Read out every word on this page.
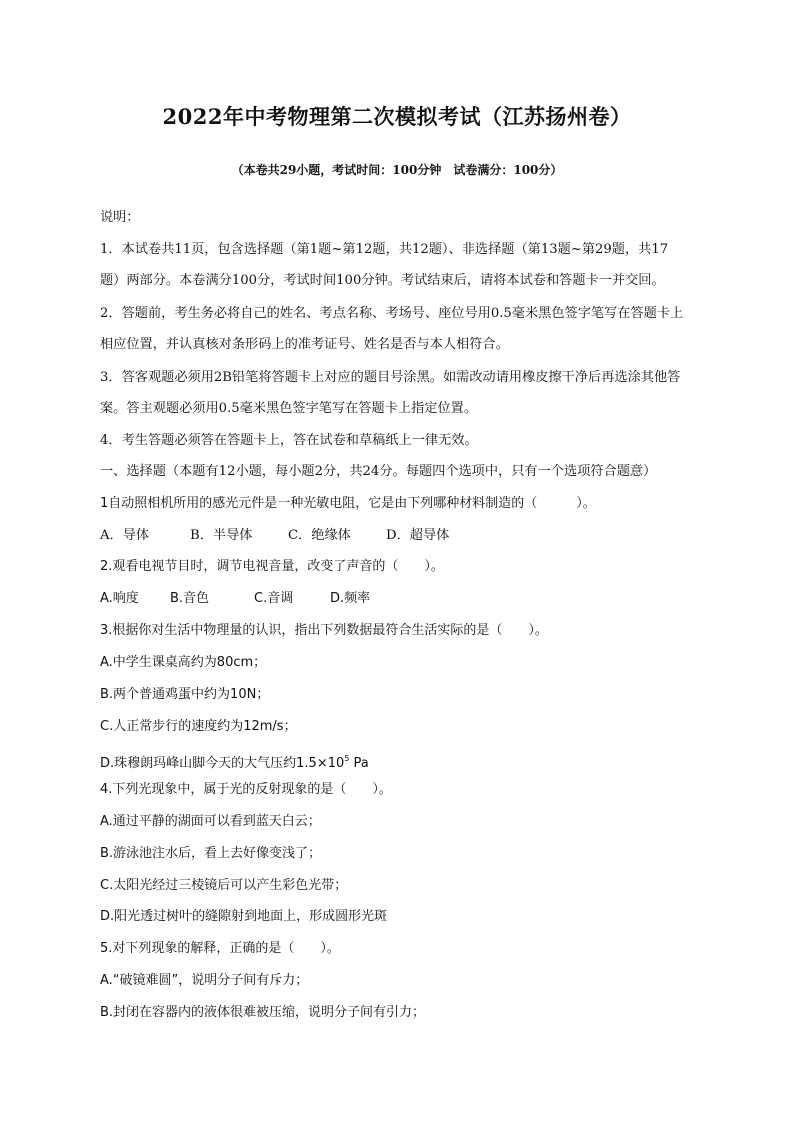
2022年中考物理第二次模拟考试（江苏扬州卷）
（本卷共29小题，考试时间：100分钟　试卷满分：100分）
说明：
1．本试卷共11页，包含选择题（第1题~第12题，共12题）、非选择题（第13题~第29题，共17
题）两部分。本卷满分100分，考试时间100分钟。考试结束后，请将本试卷和答题卡一并交回。
2．答题前，考生务必将自己的姓名、考点名称、考场号、座位号用0.5毫米黑色签字笔写在答题卡上
相应位置，并认真核对条形码上的准考证号、姓名是否与本人相符合。
3．答客观题必须用2B铅笔将答题卡上对应的题目号涂黑。如需改动请用橡皮擦干净后再选涂其他答
案。答主观题必须用0.5毫米黑色签字笔写在答题卡上指定位置。
4．考生答题必须答在答题卡上，答在试卷和草稿纸上一律无效。
一、选择题（本题有12小题，每小题2分，共24分。每题四个选项中，只有一个选项符合题意）
1自动照相机所用的感光元件是一种光敏电阻，它是由下列哪种材料制造的（　　　）。
A．导体	B．半导体	C．绝缘体	D．超导体
2.观看电视节目时，调节电视音量，改变了声音的（　　）。
A.响度 B.音色	C.音调	D.频率
3.根据你对生活中物理量的认识，指出下列数据最符合生活实际的是（　　）。
A.中学生课桌高约为80cm；
B.两个普通鸡蛋中约为10N；
C.人正常步行的速度约为12m/s；
D.珠穆朗玛峰山脚今天的大气压约$1.5\times 10^5$ Pa
4.下列光现象中，属于光的反射现象的是（　　）。
A.通过平静的湖面可以看到蓝天白云；
B.游泳池注水后，看上去好像变浅了；
C.太阳光经过三棱镜后可以产生彩色光带；
D.阳光透过树叶的缝隙射到地面上，形成圆形光斑
5.对下列现象的解释，正确的是（　　）。
A.“破镜难圆”，说明分子间有斥力；
B.封闭在容器内的液体很难被压缩，说明分子间有引力；
